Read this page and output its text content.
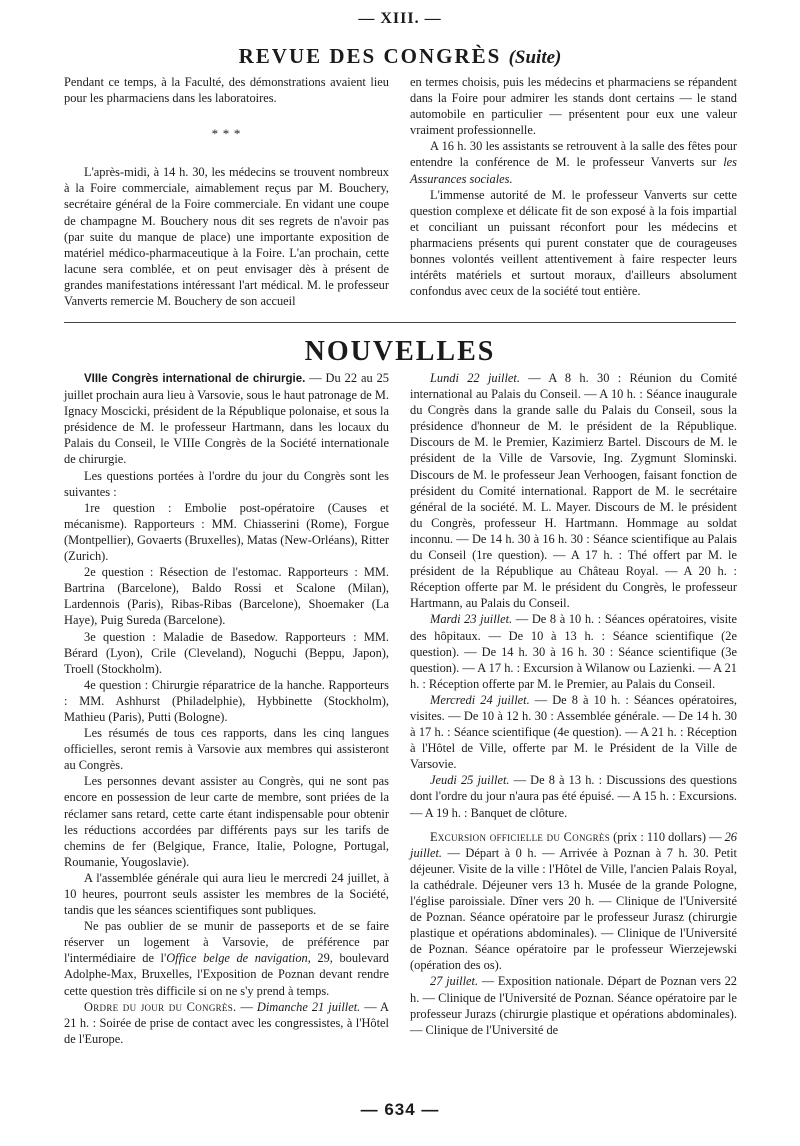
— XIII. —
REVUE DES CONGRÈS (Suite)

Pendant ce temps, à la Faculté, des démonstrations avaient lieu pour les pharmaciens dans les laboratoires.

* * *

L'après-midi, à 14 h. 30, les médecins se trouvent nombreux à la Foire commerciale, aimablement reçus par M. Bouchery, secrétaire général de la Foire commerciale. En vidant une coupe de champagne M. Bouchery nous dit ses regrets de n'avoir pas (par suite du manque de place) une importante exposition de matériel médico-pharmaceutique à la Foire. L'an prochain, cette lacune sera comblée, et on peut envisager dès à présent de grandes manifestations intéressant l'art médical. M. le professeur Vanverts remercie M. Bouchery de son accueil

en termes choisis, puis les médecins et pharmaciens se répandent dans la Foire pour admirer les stands dont certains — le stand automobile en particulier — présentent pour eux une valeur vraiment professionnelle.

A 16 h. 30 les assistants se retrouvent à la salle des fêtes pour entendre la conférence de M. le professeur Vanverts sur les Assurances sociales.

L'immense autorité de M. le professeur Vanverts sur cette question complexe et délicate fit de son exposé à la fois impartial et conciliant un puissant réconfort pour les médecins et pharmaciens présents qui purent constater que de courageuses bonnes volontés veillent attentivement à faire respecter leurs intérêts matériels et surtout moraux, d'ailleurs absolument confondus avec ceux de la société tout entière.

NOUVELLES

VIIIe Congrès international de chirurgie. — Du 22 au 25 juillet prochain aura lieu à Varsovie, sous le haut patronage de M. Ignacy Moscicki, président de la République polonaise, et sous la présidence de M. le professeur Hartmann, dans les locaux du Palais du Conseil, le VIIIe Congrès de la Société internationale de chirurgie.

Les questions portées à l'ordre du jour du Congrès sont les suivantes :

1re question : Embolie post-opératoire (Causes et mécanisme). Rapporteurs : MM. Chiasserini (Rome), Forgue (Montpellier), Govaerts (Bruxelles), Matas (New-Orléans), Ritter (Zurich).

2e question : Résection de l'estomac. Rapporteurs : MM. Bartrina (Barcelone), Baldo Rossi et Scalone (Milan), Lardennois (Paris), Ribas-Ribas (Barcelone), Shoemaker (La Haye), Puig Sureda (Barcelone).

3e question : Maladie de Basedow. Rapporteurs : MM. Bérard (Lyon), Crile (Cleveland), Noguchi (Beppu, Japon), Troell (Stockholm).

4e question : Chirurgie réparatrice de la hanche. Rapporteurs : MM. Ashhurst (Philadelphie), Hybbinette (Stockholm), Mathieu (Paris), Putti (Bologne).

Les résumés de tous ces rapports, dans les cinq langues officielles, seront remis à Varsovie aux membres qui assisteront au Congrès.

Les personnes devant assister au Congrès, qui ne sont pas encore en possession de leur carte de membre, sont priées de la réclamer sans retard, cette carte étant indispensable pour obtenir les réductions accordées par différents pays sur les tarifs de chemins de fer (Belgique, France, Italie, Pologne, Portugal, Roumanie, Yougoslavie).

A l'assemblée générale qui aura lieu le mercredi 24 juillet, à 10 heures, pourront seuls assister les membres de la Société, tandis que les séances scientifiques sont publiques.

Ne pas oublier de se munir de passeports et de se faire réserver un logement à Varsovie, de préférence par l'intermédiaire de l'Office belge de navigation, 29, boulevard Adolphe-Max, Bruxelles, l'Exposition de Poznan devant rendre cette question très difficile si on ne s'y prend à temps.

Ordre du jour du Congrès. — Dimanche 21 juillet. — A 21 h. : Soirée de prise de contact avec les congressistes, à l'Hôtel de l'Europe.

Lundi 22 juillet. — A 8 h. 30 : Réunion du Comité international au Palais du Conseil. — A 10 h. : Séance inaugurale du Congrès dans la grande salle du Palais du Conseil, sous la présidence d'honneur de M. le président de la République. Discours de M. le Premier, Kazimierz Bartel. Discours de M. le président de la Ville de Varsovie, Ing. Zygmunt Slominski. Discours de M. le professeur Jean Verhoogen, faisant fonction de président du Comité international. Rapport de M. le secrétaire général de la société. M. L. Mayer. Discours de M. le président du Congrès, professeur H. Hartmann. Hommage au soldat inconnu. — De 14 h. 30 à 16 h. 30 : Séance scientifique au Palais du Conseil (1re question). — A 17 h. : Thé offert par M. le président de la République au Château Royal. — A 20 h. : Réception offerte par M. le président du Congrès, le professeur Hartmann, au Palais du Conseil.

Mardi 23 juillet. — De 8 à 10 h. : Séances opératoires, visite des hôpitaux. — De 10 à 13 h. : Séance scientifique (2e question). — De 14 h. 30 à 16 h. 30 : Séance scientifique (3e question). — A 17 h. : Excursion à Wilanow ou Lazienki. — A 21 h. : Réception offerte par M. le Premier, au Palais du Conseil.

Mercredi 24 juillet. — De 8 à 10 h. : Séances opératoires, visites. — De 10 à 12 h. 30 : Assemblée générale. — De 14 h. 30 à 17 h. : Séance scientifique (4e question). — A 21 h. : Réception à l'Hôtel de Ville, offerte par M. le Président de la Ville de Varsovie.

Jeudi 25 juillet. — De 8 à 13 h. : Discussions des questions dont l'ordre du jour n'aura pas été épuisé. — A 15 h. : Excursions. — A 19 h. : Banquet de clôture.

Excursion officielle du Congrès (prix : 110 dollars) — 26 juillet. — Départ à 0 h. — Arrivée à Poznan à 7 h. 30. Petit déjeuner. Visite de la ville : l'Hôtel de Ville, l'ancien Palais Royal, la cathédrale. Déjeuner vers 13 h. Musée de la grande Pologne, l'église paroissiale. Dîner vers 20 h. — Clinique de l'Université de Poznan. Séance opératoire par le professeur Jurasz (chirurgie plastique et opérations abdominales). — Clinique de l'Université de Poznan. Séance opératoire par le professeur Wierzejewski (opération des os).

27 juillet. — Exposition nationale. Départ de Poznan vers 22 h. — Clinique de l'Université de Poznan. Séance opératoire par le professeur Jurazs (chirurgie plastique et opérations abdominales). — Clinique de l'Université de

— 634 —
